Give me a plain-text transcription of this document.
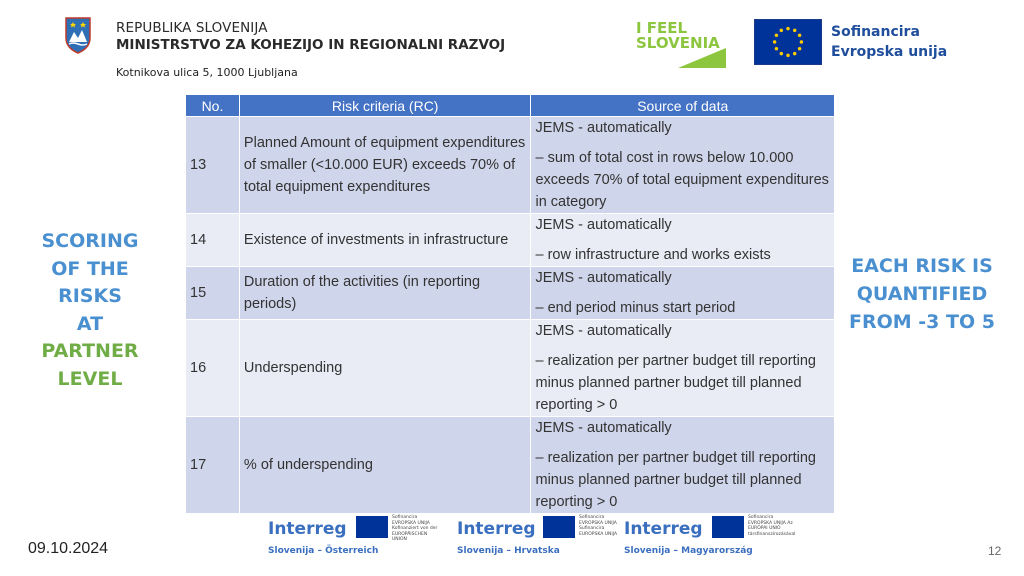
REPUBLIKA SLOVENIJA
MINISTRSTVO ZA KOHEZIJO IN REGIONALNI RAZVOJ
Kotnikova ulica 5, 1000 Ljubljana
I FEEL
SLOVENIA
Sofinancira
Evropska unija
SCORING
OF THE
RISKS
AT
PARTNER
LEVEL
EACH RISK IS
QUANTIFIED
FROM -3 TO 5
No.	Risk criteria (RC)	Source of data
13	Planned Amount of equipment expenditures of smaller (<10.000 EUR) exceeds 70% of total equipment expenditures	JEMS - automatically
– sum of total cost in rows below 10.000 exceeds 70% of total equipment expenditures in category

14	Existence of investments in infrastructure	JEMS - automatically
– row infrastructure and works exists

15	Duration of the activities (in reporting periods)	JEMS - automatically
– end period minus start period

16	Underspending	JEMS - automatically
– realization per partner budget till reporting minus planned partner budget till planned reporting > 0

17	% of underspending	JEMS - automatically
– realization per partner budget till reporting minus planned partner budget till planned reporting > 0
09.10.2024	12
Interreg
Sofinancira EVROPSKA UNIJA Kofinanziert von der EUROPÄISCHEN UNION
Slovenija – Österreich
Interreg
Sofinancira EVROPSKA UNIJA Sufinancira EUROPSKA UNIJA
Slovenija – Hrvatska
Interreg
Sofinancira EVROPSKA UNIJA Az EURÓPAI UNIÓ társfinanszírozásával
Slovenija – Magyarország
